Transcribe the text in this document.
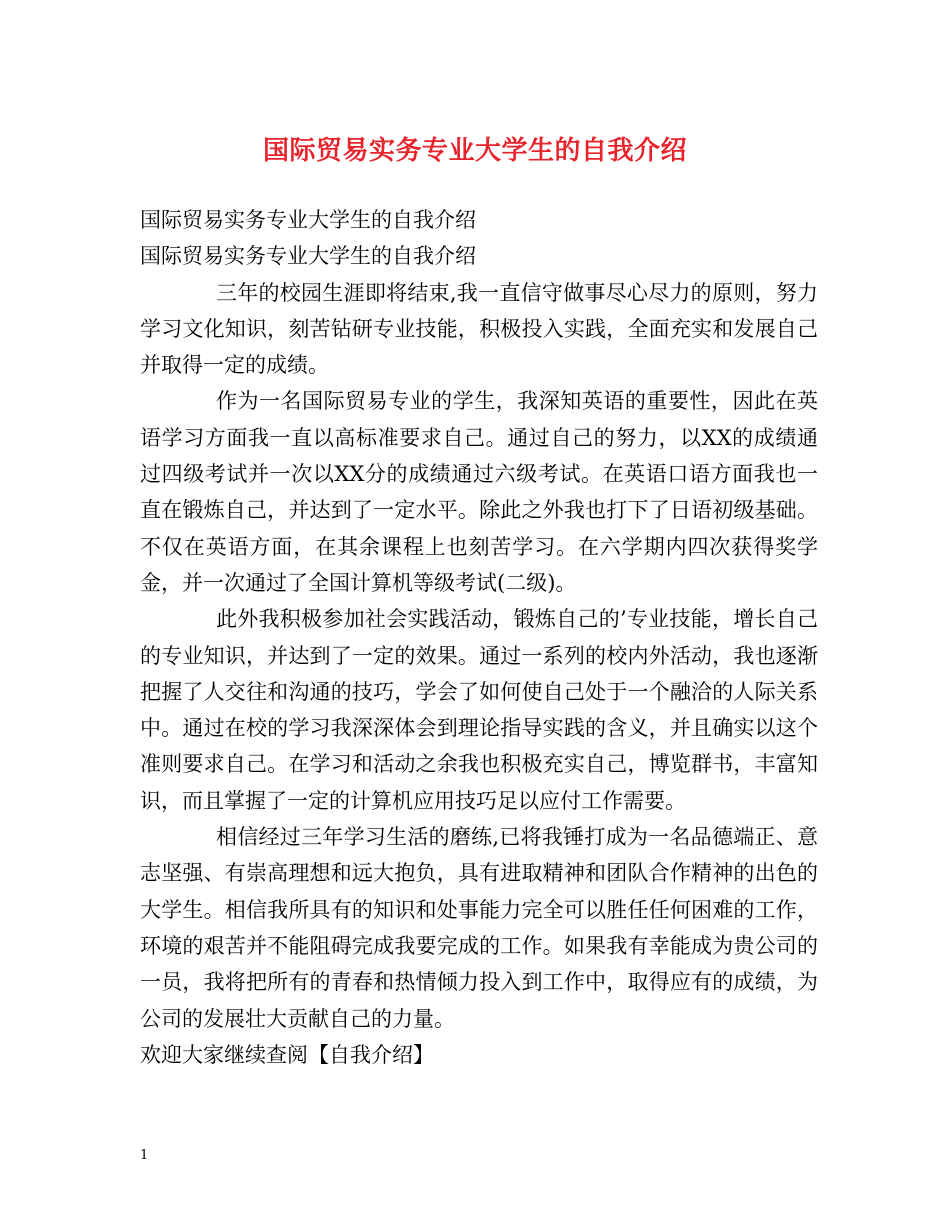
国际贸易实务专业大学生的自我介绍

国际贸易实务专业大学生的自我介绍

国际贸易实务专业大学生的自我介绍

三年的校园生涯即将结束,我一直信守做事尽心尽力的原则，努力学习文化知识，刻苦钻研专业技能，积极投入实践，全面充实和发展自己并取得一定的成绩。

作为一名国际贸易专业的学生，我深知英语的重要性，因此在英语学习方面我一直以高标准要求自己。通过自己的努力，以XX的成绩通过四级考试并一次以XX分的成绩通过六级考试。在英语口语方面我也一直在锻炼自己，并达到了一定水平。除此之外我也打下了日语初级基础。不仅在英语方面，在其余课程上也刻苦学习。在六学期内四次获得奖学金，并一次通过了全国计算机等级考试(二级)。

此外我积极参加社会实践活动，锻炼自己的’专业技能，增长自己的专业知识，并达到了一定的效果。通过一系列的校内外活动，我也逐渐把握了人交往和沟通的技巧，学会了如何使自己处于一个融洽的人际关系中。通过在校的学习我深深体会到理论指导实践的含义，并且确实以这个准则要求自己。在学习和活动之余我也积极充实自己，博览群书，丰富知识，而且掌握了一定的计算机应用技巧足以应付工作需要。

相信经过三年学习生活的磨练,已将我锤打成为一名品德端正、意志坚强、有崇高理想和远大抱负，具有进取精神和团队合作精神的出色的大学生。相信我所具有的知识和处事能力完全可以胜任任何困难的工作，环境的艰苦并不能阻碍完成我要完成的工作。如果我有幸能成为贵公司的一员，我将把所有的青春和热情倾力投入到工作中，取得应有的成绩，为公司的发展壮大贡献自己的力量。

欢迎大家继续查阅【自我介绍】

1
